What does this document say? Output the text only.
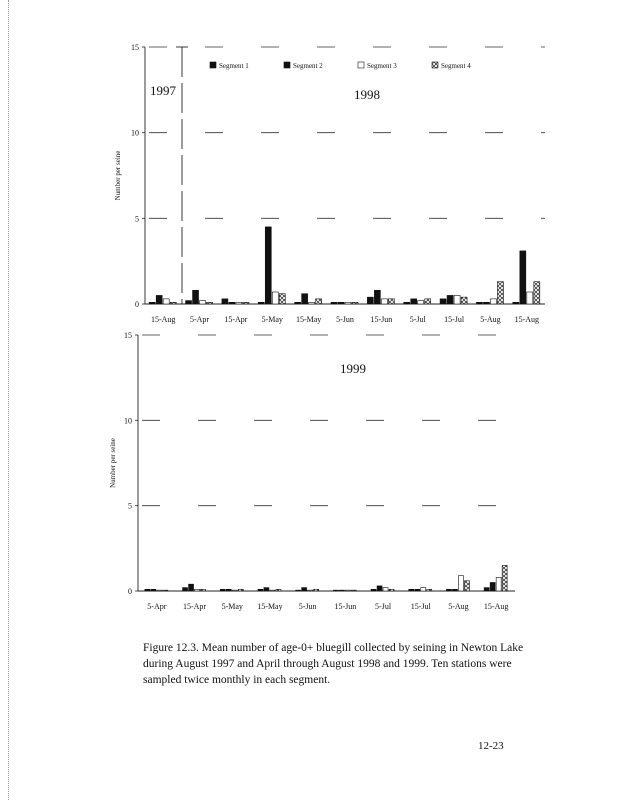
0
5
10
15
Number per seine
15-Aug 5-Apr 15-Apr 5-May 15-May 5-Jun 15-Jun 5-Jul 15-Jul 5-Aug 15-Aug
1997	1998
Segment 1	Segment 2	Segment 3	Segment 4
0
5
10
15
Number per seine
5-Apr 15-Apr 5-May 15-May 5-Jun 15-Jun 5-Jul 15-Jul 5-Aug 15-Aug
1999
Figure 12.3. Mean number of age-0+ bluegill collected by seining in Newton Lake during August 1997 and April through August 1998 and 1999. Ten stations were sampled twice monthly in each segment.
12-23
